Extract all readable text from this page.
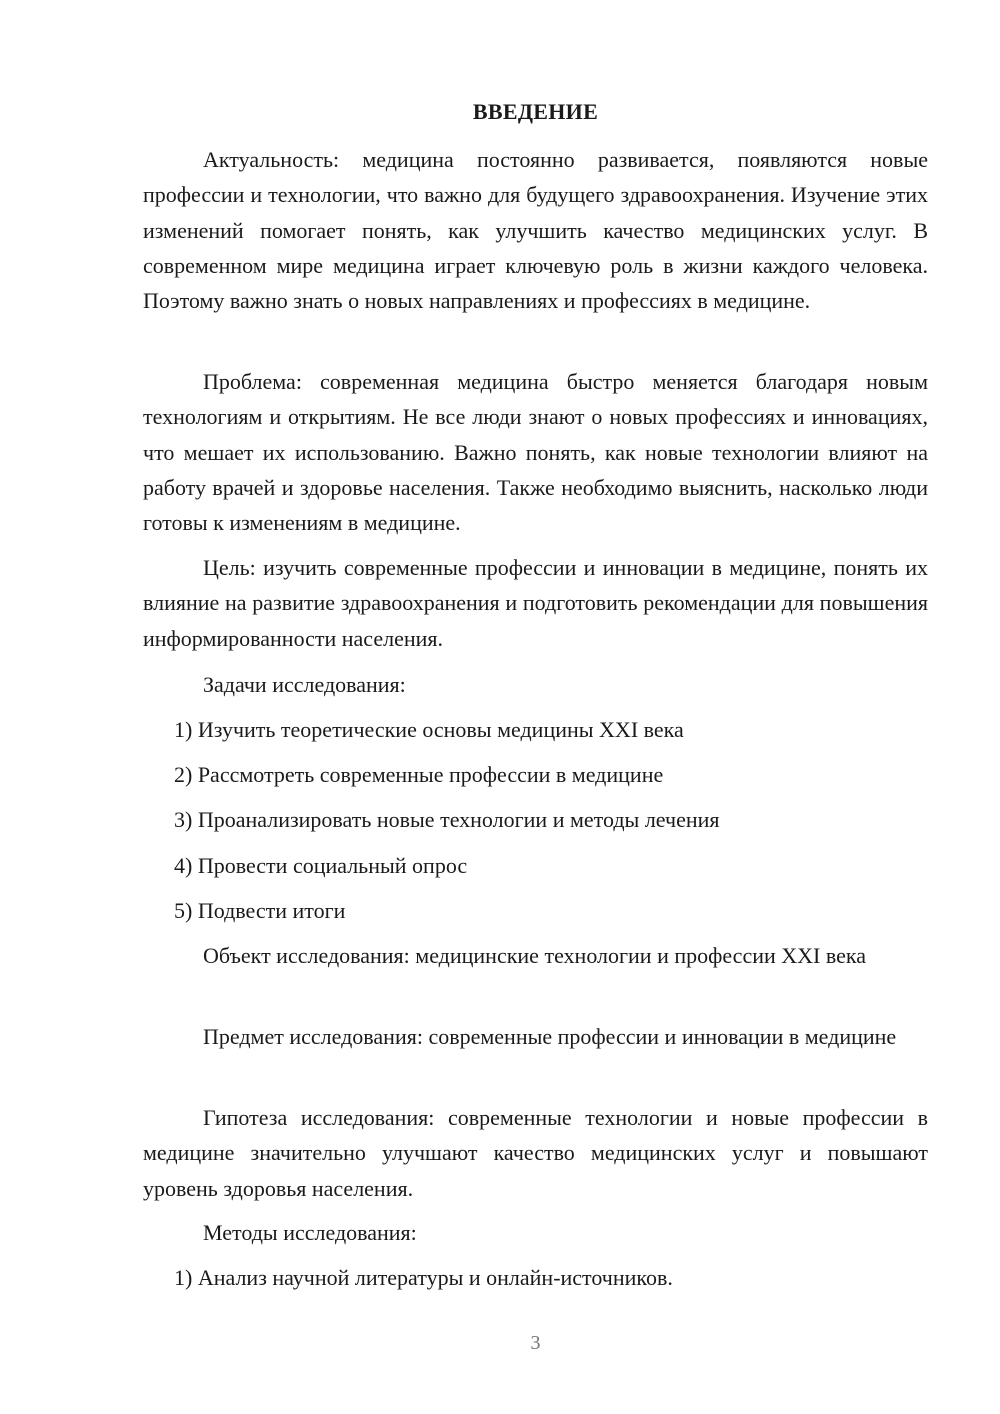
ВВЕДЕНИЕ

Актуальность: медицина постоянно развивается, появляются новые профессии и технологии, что важно для будущего здравоохранения. Изучение этих изменений помогает понять, как улучшить качество медицинских услуг. В современном мире медицина играет ключевую роль в жизни каждого человека. Поэтому важно знать о новых направлениях и профессиях в медицине.

Проблема: современная медицина быстро меняется благодаря новым технологиям и открытиям. Не все люди знают о новых профессиях и инновациях, что мешает их использованию. Важно понять, как новые технологии влияют на работу врачей и здоровье населения. Также необходимо выяснить, насколько люди готовы к изменениям в медицине.

Цель: изучить современные профессии и инновации в медицине, понять их влияние на развитие здравоохранения и подготовить рекомендации для повышения информированности населения.

Задачи исследования:

1) Изучить теоретические основы медицины XXI века

2) Рассмотреть современные профессии в медицине

3) Проанализировать новые технологии и методы лечения

4) Провести социальный опрос

5) Подвести итоги

Объект исследования: медицинские технологии и профессии XXI века

Предмет исследования: современные профессии и инновации в медицине

Гипотеза исследования: современные технологии и новые профессии в медицине значительно улучшают качество медицинских услуг и повышают уровень здоровья населения.

Методы исследования:

1) Анализ научной литературы и онлайн-источников.

3
